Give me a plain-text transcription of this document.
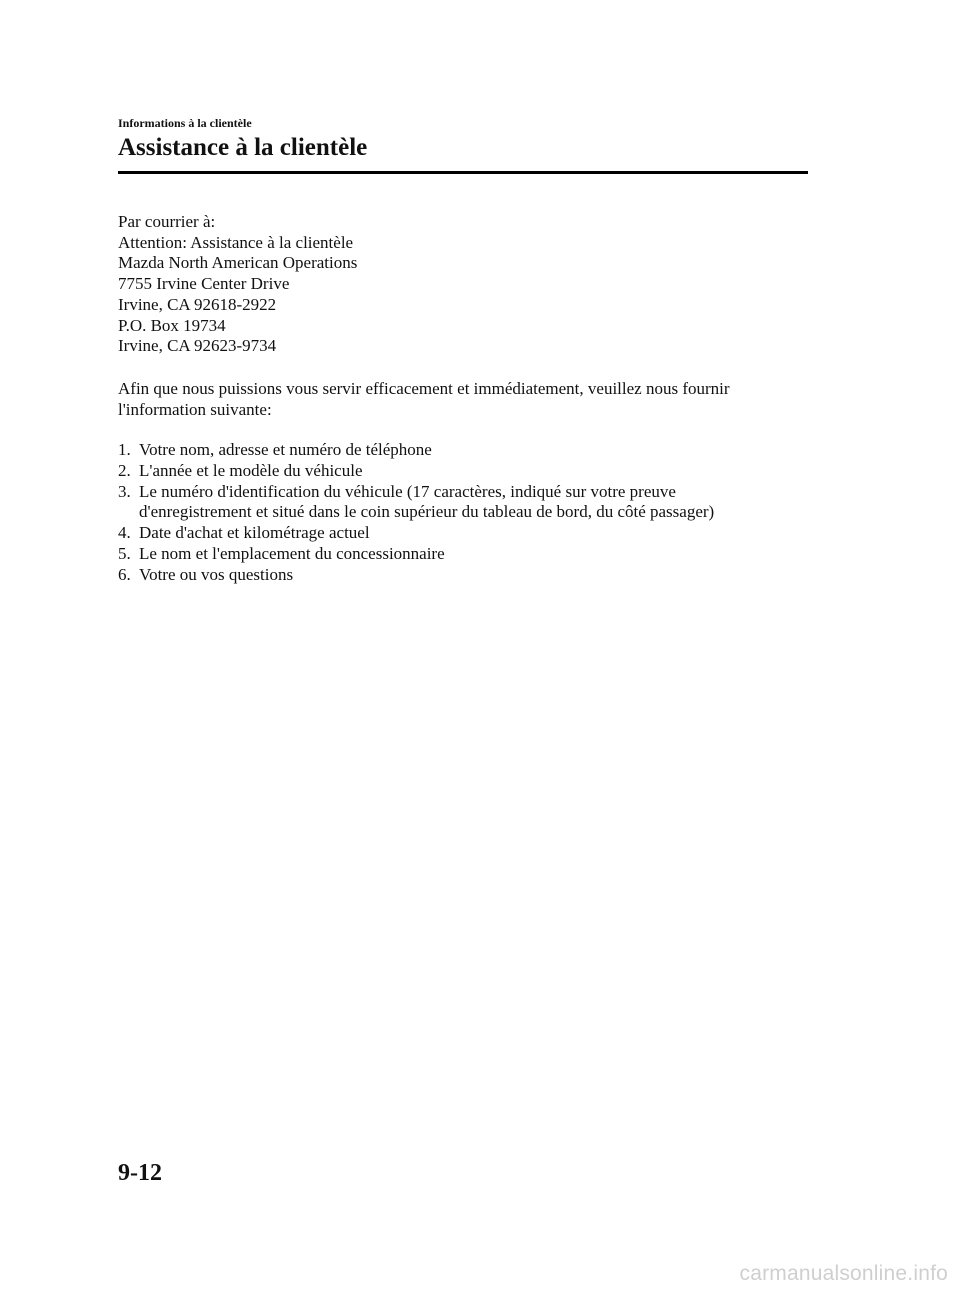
Informations à la clientèle
Assistance à la clientèle
Par courrier à:
Attention: Assistance à la clientèle
Mazda North American Operations
7755 Irvine Center Drive
Irvine, CA 92618-2922
P.O. Box 19734
Irvine, CA 92623-9734
Afin que nous puissions vous servir efficacement et immédiatement, veuillez nous fournir
l'information suivante:
1. Votre nom, adresse et numéro de téléphone
2. L'année et le modèle du véhicule
3. Le numéro d'identification du véhicule (17 caractères, indiqué sur votre preuve
d'enregistrement et situé dans le coin supérieur du tableau de bord, du côté passager)
4. Date d'achat et kilométrage actuel
5. Le nom et l'emplacement du concessionnaire
6. Votre ou vos questions
9-12
carmanualsonline.info
